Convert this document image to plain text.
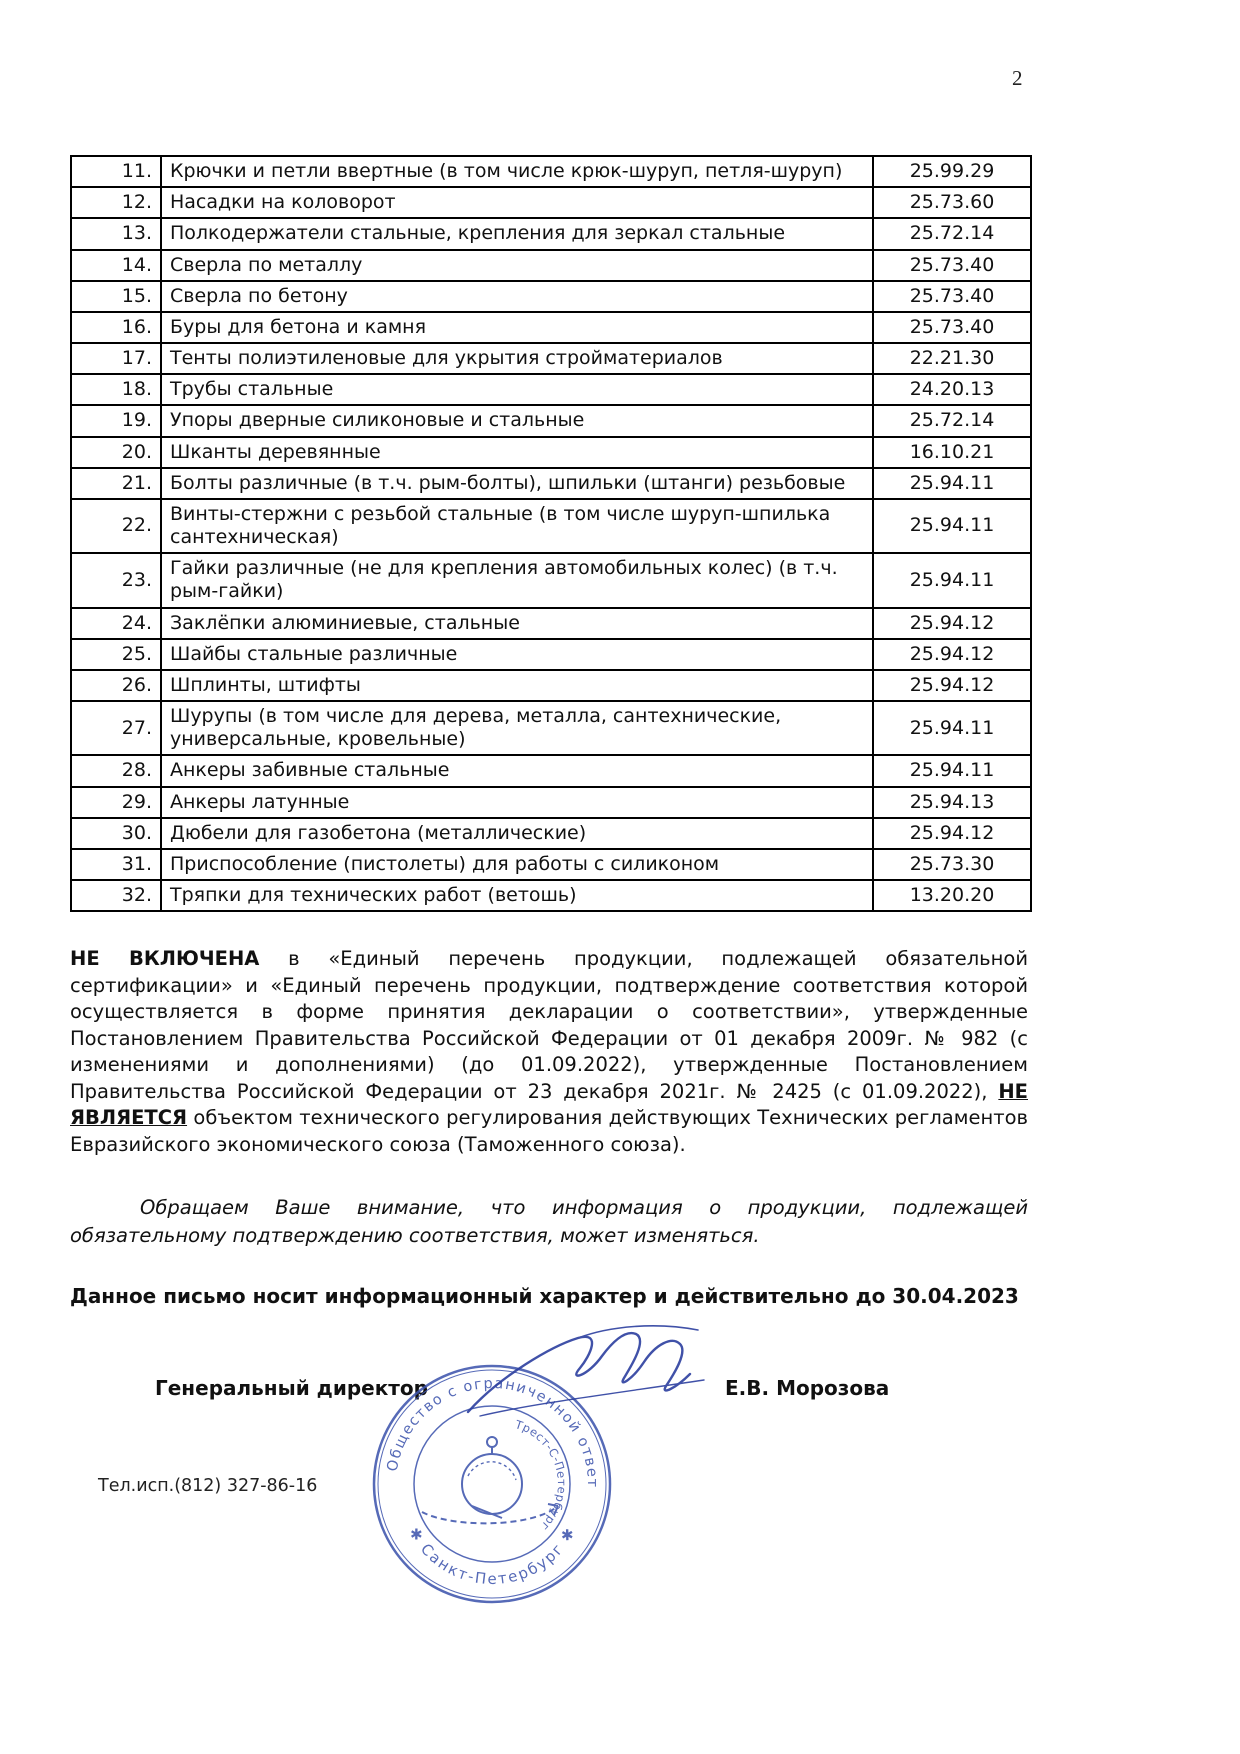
2
11.	Крючки и петли ввертные (в том числе крюк-шуруп, петля-шуруп)	25.99.29
12.	Насадки на коловорот	25.73.60
13.	Полкодержатели стальные, крепления для зеркал стальные	25.72.14
14.	Сверла по металлу	25.73.40
15.	Сверла по бетону	25.73.40
16.	Буры для бетона и камня	25.73.40
17.	Тенты полиэтиленовые для укрытия стройматериалов	22.21.30
18.	Трубы стальные	24.20.13
19.	Упоры дверные силиконовые и стальные	25.72.14
20.	Шканты деревянные	16.10.21
21.	Болты различные (в т.ч. рым-болты), шпильки (штанги) резьбовые	25.94.11
22.	Винты-стержни с резьбой стальные (в том числе шуруп-шпилька сантехническая)	25.94.11
23.	Гайки различные (не для крепления автомобильных колес) (в т.ч. рым-гайки)	25.94.11
24.	Заклёпки алюминиевые, стальные	25.94.12
25.	Шайбы стальные различные	25.94.12
26.	Шплинты, штифты	25.94.12
27.	Шурупы (в том числе для дерева, металла, сантехнические, универсальные, кровельные)	25.94.11
28.	Анкеры забивные стальные	25.94.11
29.	Анкеры латунные	25.94.13
30.	Дюбели для газобетона (металлические)	25.94.12
31.	Приспособление (пистолеты) для работы с силиконом	25.73.30
32.	Тряпки для технических работ (ветошь)	13.20.20

НЕ ВКЛЮЧЕНА в «Единый перечень продукции, подлежащей обязательной сертификации» и «Единый перечень продукции, подтверждение соответствия которой осуществляется в форме принятия декларации о соответствии», утвержденные Постановлением Правительства Российской Федерации от 01 декабря 2009г. № 982 (с изменениями и дополнениями) (до 01.09.2022), утвержденные Постановлением Правительства Российской Федерации от 23 декабря 2021г. № 2425 (с 01.09.2022), НЕ ЯВЛЯЕТСЯ объектом технического регулирования действующих Технических регламентов Евразийского экономического союза (Таможенного союза).

Обращаем Ваше внимание, что информация о продукции, подлежащей обязательному подтверждению соответствия, может изменяться.

Данное письмо носит информационный характер и действительно до 30.04.2023

Генеральный директор	Е.В. Морозова
Тел.исп.(812) 327-86-16
Общество с ограниченной ответственностью
✱ Санкт-Петербург ✱
Трест-С-Петербург
